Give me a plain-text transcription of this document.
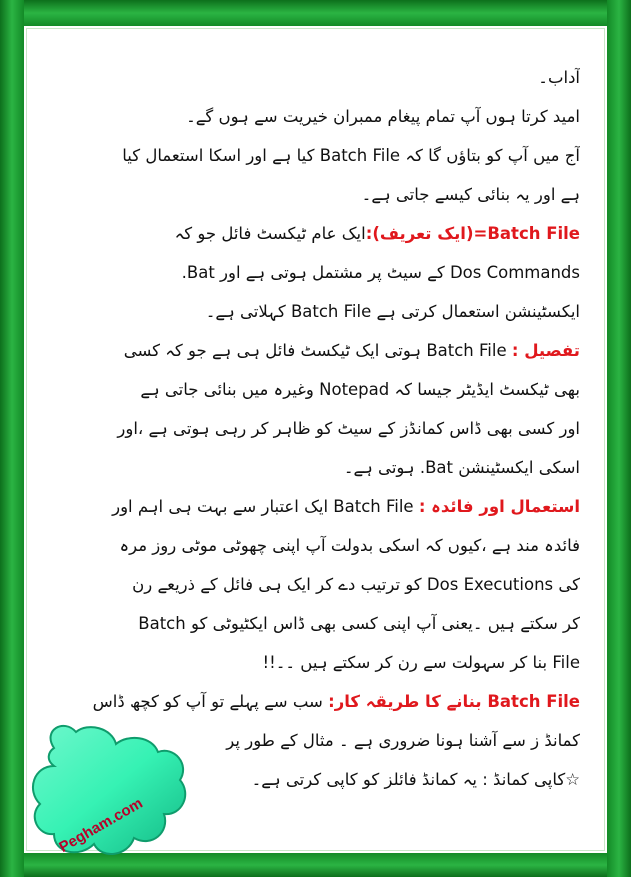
آداب۔
امید کرتا ہوں آپ تمام پیغام ممبران خیریت سے ہوں گے۔
آج میں آپ کو بتاؤں گا کہ Batch File کیا ہے اور اسکا استعمال کیا
ہے اور یہ بنائی کیسے جاتی ہے۔
Batch File=(ایک تعریف):ایک عام ٹیکسٹ فائل جو کہ
Dos Commands کے سیٹ پر مشتمل ہوتی ہے اور Bat.
ایکسٹینشن استعمال کرتی ہے Batch File کہلاتی ہے۔
تفصیل : Batch File ہوتی ایک ٹیکسٹ فائل ہی ہے جو کہ کسی
بھی ٹیکسٹ ایڈیٹر جیسا کہ Notepad وغیرہ میں بنائی جاتی ہے
اور کسی بھی ڈاس کمانڈز کے سیٹ کو ظاہر کر رہی ہوتی ہے ،اور
اسکی ایکسٹینشن Bat. ہوتی ہے۔
استعمال اور فائدہ : Batch File ایک اعتبار سے بہت ہی اہم اور
فائدہ مند ہے ،کیوں کہ اسکی بدولت آپ اپنی چھوٹی موٹی روز مرہ
کی Dos Executions کو ترتیب دے کر ایک ہی فائل کے ذریعے رن
کر سکتے ہیں ۔یعنی آپ اپنی کسی بھی ڈاس ایکٹیوٹی کو Batch
File بنا کر سہولت سے رن کر سکتے ہیں ۔۔!!
Batch File بنانے کا طریقہ کار: سب سے پہلے تو آپ کو کچھ ڈاس
کمانڈ ز سے آشنا ہونا ضروری ہے ۔ مثال کے طور پر
☆کاپی کمانڈ : یہ کمانڈ فائلز کو کاپی کرتی ہے۔
Pegham.com
